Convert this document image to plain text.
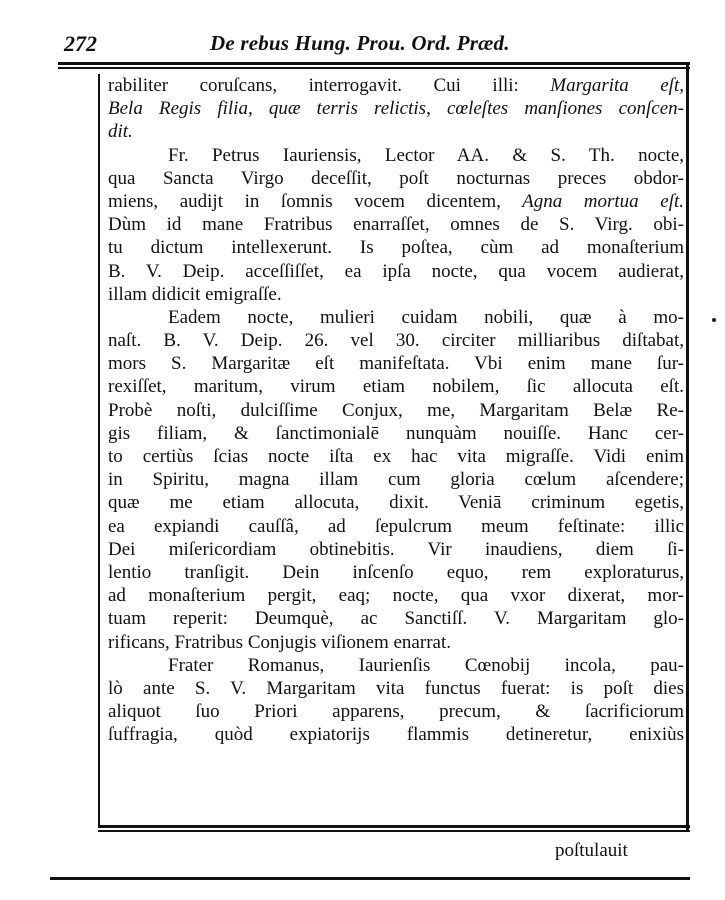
272	De rebus Hung. Prou. Ord. Præd.
rabiliter coruſcans, interrogavit. Cui illi: Margarita eſt,
Bela Regis filia, quæ terris relictis, cœleſtes manſiones conſcen-
dit.
Fr. Petrus Iauriensis, Lector AA. & S. Th. nocte,
qua Sancta Virgo deceſſit, poſt nocturnas preces obdor-
miens, audijt in ſomnis vocem dicentem, Agna mortua eſt.
Dùm id mane Fratribus enarraſſet, omnes de S. Virg. obi-
tu dictum intellexerunt. Is poſtea, cùm ad monaſterium
B. V. Deip. acceſſiſſet, ea ipſa nocte, qua vocem audierat,
illam didicit emigraſſe.
Eadem nocte, mulieri cuidam nobili, quæ à mo-
naſt. B. V. Deip. 26. vel 30. circiter milliaribus diſtabat,
mors S. Margaritæ eſt manifeſtata. Vbi enim mane ſur-
rexiſſet, maritum, virum etiam nobilem, ſic allocuta eſt.
Probè noſti, dulciſſime Conjux, me, Margaritam Belæ Re-
gis filiam, & ſanctimonialē nunquàm nouiſſe. Hanc cer-
to certiùs ſcias nocte iſta ex hac vita migraſſe. Vidi enim
in Spiritu, magna illam cum gloria cœlum aſcendere;
quæ me etiam allocuta, dixit. Veniā criminum egetis,
ea expiandi cauſſâ, ad ſepulcrum meum feſtinate: illic
Dei miſericordiam obtinebitis. Vir inaudiens, diem ſi-
lentio tranſigit. Dein inſcenſo equo, rem exploraturus,
ad monaſterium pergit, eaq; nocte, qua vxor dixerat, mor-
tuam reperit: Deumquè, ac Sanctiſſ. V. Margaritam glo-
rificans, Fratribus Conjugis viſionem enarrat.
Frater Romanus, Iaurienſis Cœnobij incola, pau-
lò ante S. V. Margaritam vita functus fuerat: is poſt dies
aliquot ſuo Priori apparens, precum, & ſacrificiorum
ſuffragia, quòd expiatorijs flammis detineretur, enixiùs
poſtulauit
